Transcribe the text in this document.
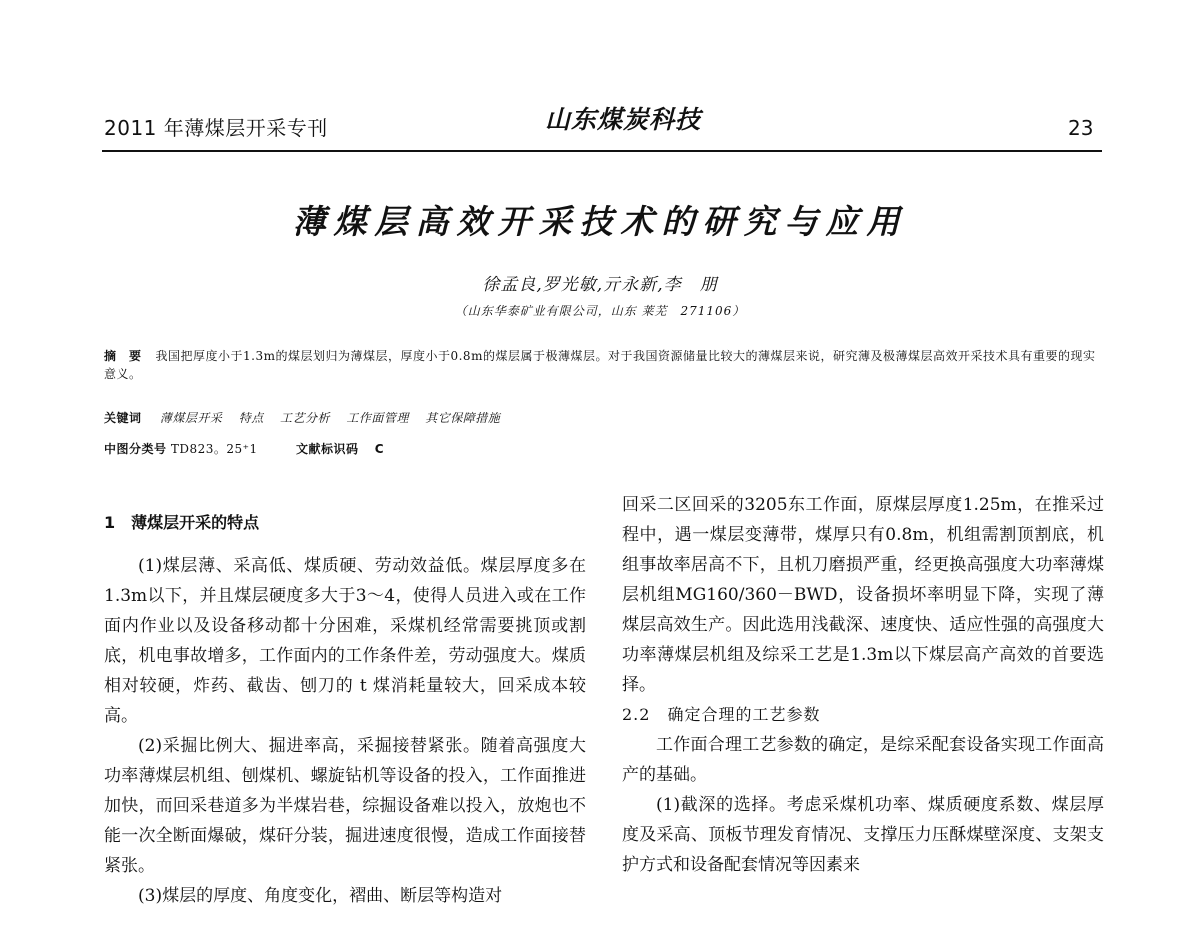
2011 年薄煤层开采专刊	山东煤炭科技	23
薄煤层高效开采技术的研究与应用
徐孟良,罗光敏,亓永新,李　朋
（山东华泰矿业有限公司，山东 莱芜　271106）
摘　要 我国把厚度小于1.3m的煤层划归为薄煤层，厚度小于0.8m的煤层属于极薄煤层。对于我国资源储量比较大的薄煤层来说，研究薄及极薄煤层高效开采技术具有重要的现实意义。
关键词 薄煤层开采 特点 工艺分析 工作面管理 其它保障措施
中图分类号 TD823。25⁺1	文献标识码 C

1　薄煤层开采的特点

(1)煤层薄、采高低、煤质硬、劳动效益低。煤层厚度多在1.3m以下，并且煤层硬度多大于3～4，使得人员进入或在工作面内作业以及设备移动都十分困难，采煤机经常需要挑顶或割底，机电事故增多，工作面内的工作条件差，劳动强度大。煤质相对较硬，炸药、截齿、刨刀的 t 煤消耗量较大，回采成本较高。

(2)采掘比例大、掘进率高，采掘接替紧张。随着高强度大功率薄煤层机组、刨煤机、螺旋钻机等设备的投入，工作面推进加快，而回采巷道多为半煤岩巷，综掘设备难以投入，放炮也不能一次全断面爆破，煤矸分装，掘进速度很慢，造成工作面接替紧张。

(3)煤层的厚度、角度变化，褶曲、断层等构造对

回采二区回采的3205东工作面，原煤层厚度1.25m，在推采过程中，遇一煤层变薄带，煤厚只有0.8m，机组需割顶割底，机组事故率居高不下，且机刀磨损严重，经更换高强度大功率薄煤层机组MG160/360－BWD，设备损坏率明显下降，实现了薄煤层高效生产。因此选用浅截深、速度快、适应性强的高强度大功率薄煤层机组及综采工艺是1.3m以下煤层高产高效的首要选择。

2.2　确定合理的工艺参数

工作面合理工艺参数的确定，是综采配套设备实现工作面高产的基础。

(1)截深的选择。考虑采煤机功率、煤质硬度系数、煤层厚度及采高、顶板节理发育情况、支撑压力压酥煤壁深度、支架支护方式和设备配套情况等因素来
